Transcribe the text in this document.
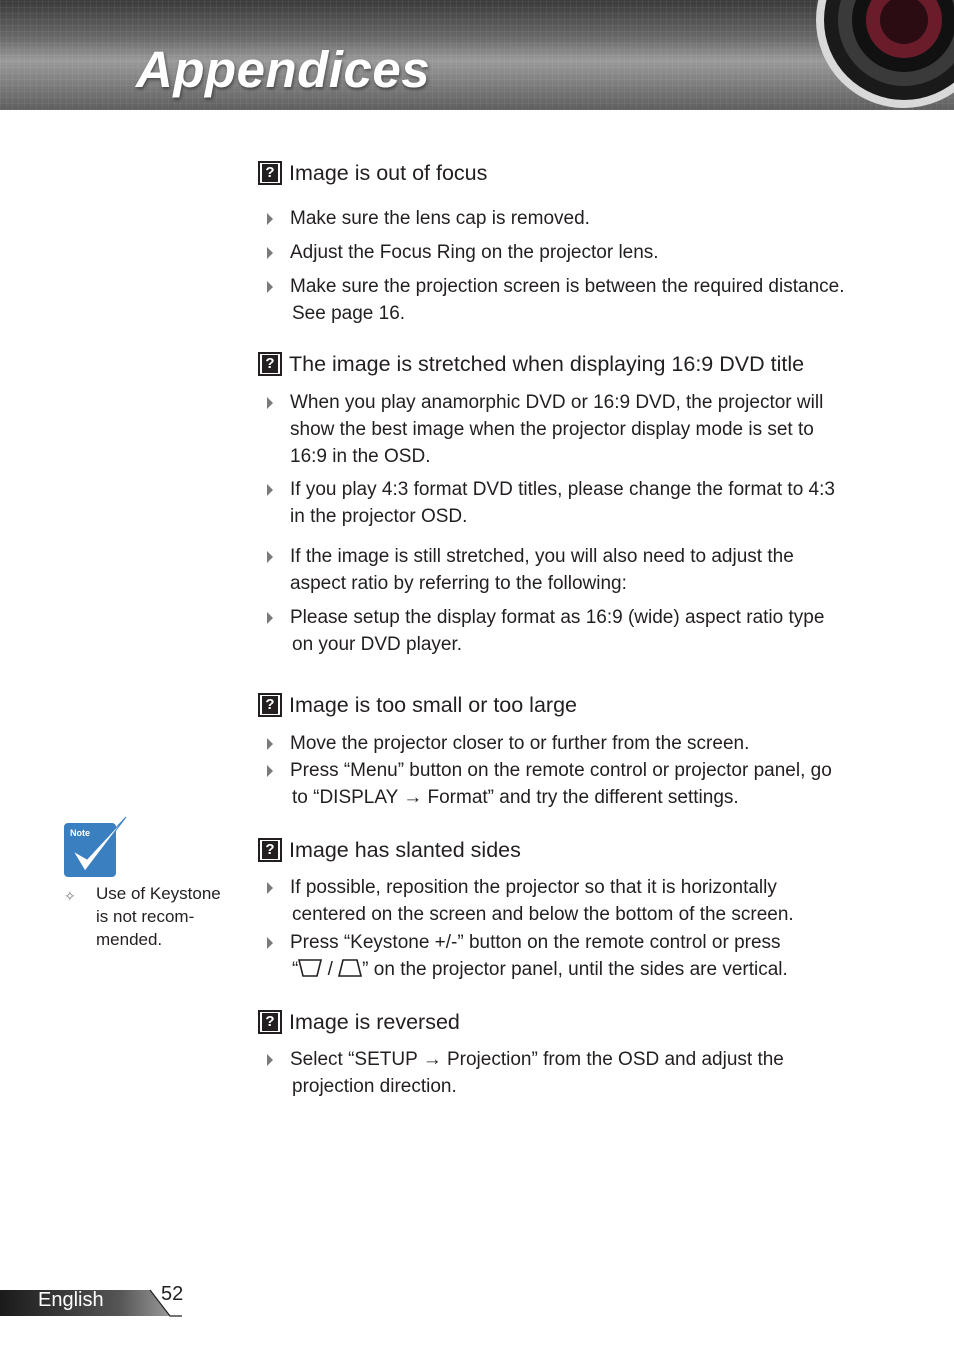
Appendices
? Image is out of focus
Make sure the lens cap is removed.
Adjust the Focus Ring on the projector lens.
Make sure the projection screen is between the required distance.
See page 16.
? The image is stretched when displaying 16:9 DVD title
When you play anamorphic DVD or 16:9 DVD, the projector will
show the best image when the projector display mode is set to
16:9 in the OSD.
If you play 4:3 format DVD titles, please change the format to 4:3
in the projector OSD.
If the image is still stretched, you will also need to adjust the
aspect ratio by referring to the following:
Please setup the display format as 16:9 (wide) aspect ratio type
on your DVD player.
? Image is too small or too large
Move the projector closer to or further from the screen.
Press “Menu” button on the remote control or projector panel, go
to “DISPLAY → Format” and try the different settings.
? Image has slanted sides
If possible, reposition the projector so that it is horizontally
centered on the screen and below the bottom of the screen.
Press “Keystone +/-” button on the remote control or press
“ / ” on the projector panel, until the sides are vertical.
? Image is reversed
Select “SETUP → Projection” from the OSD and adjust the
projection direction.
Note
✧	Use of Keystone
is not recom-
mended.
English	52
